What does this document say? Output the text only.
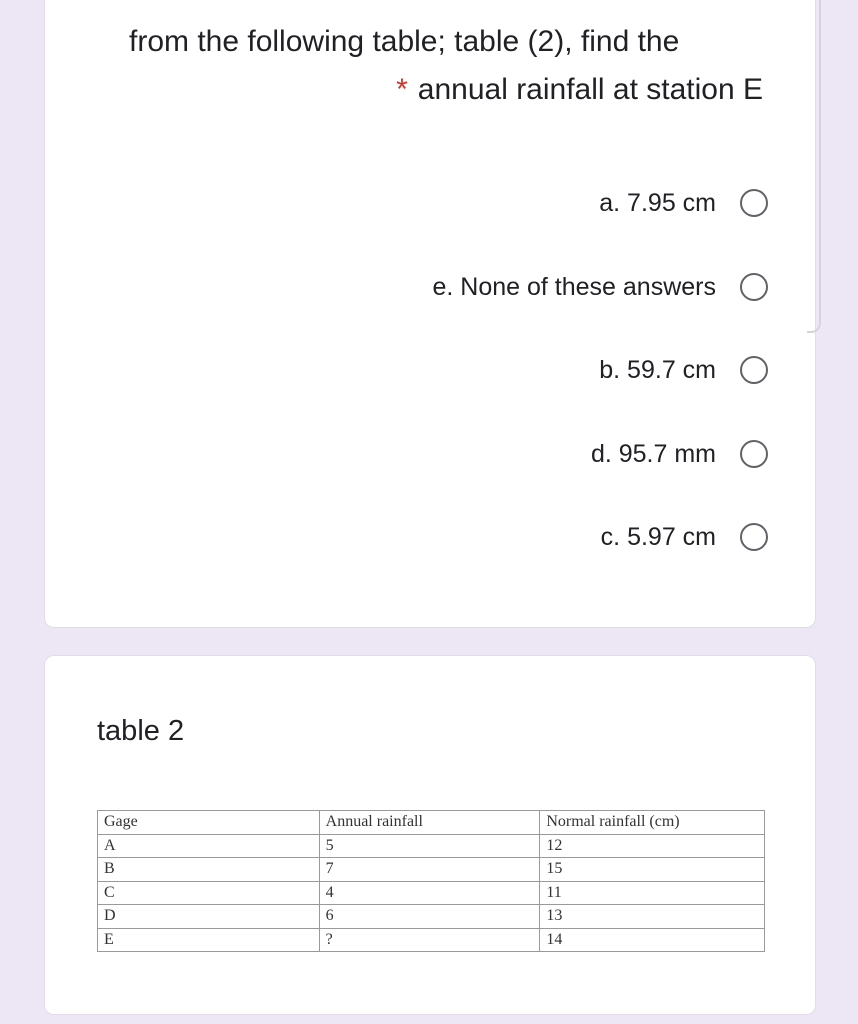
from the following table; table (2), find the
* annual rainfall at station E
a. 7.95 cm
e. None of these answers
b. 59.7 cm
d. 95.7 mm
c. 5.97 cm
table 2
Gage	Annual rainfall	Normal rainfall (cm)
A	5	12
B	7	15
C	4	11
D	6	13
E	?	14
